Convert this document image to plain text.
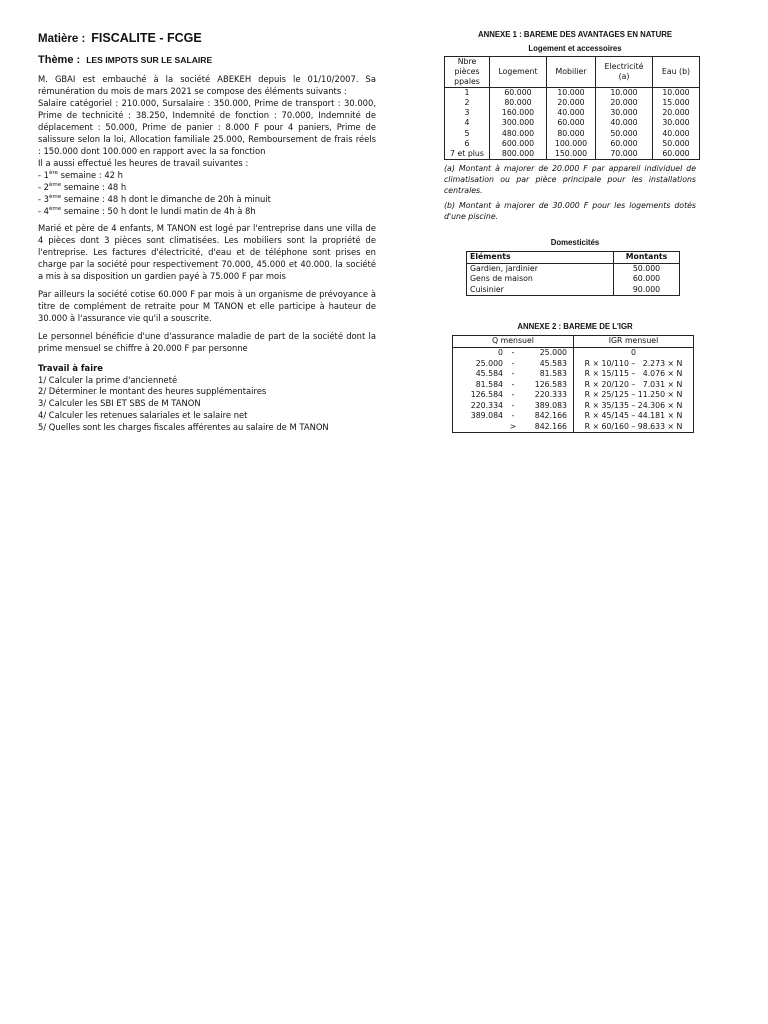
Matière : FISCALITE - FCGE
Thème : LES IMPOTS SUR LE SALAIRE

M. GBAI est embauché à la société ABEKEH depuis le 01/10/2007. Sa rémunération du mois de mars 2021 se compose des éléments suivants :

Salaire catégoriel : 210.000, Sursalaire : 350.000, Prime de transport : 30.000, Prime de technicité : 38.250, Indemnité de fonction : 70.000, Indemnité de déplacement : 50.000, Prime de panier : 8.000 F pour 4 paniers, Prime de salissure selon la loi, Allocation familiale 25.000, Remboursement de frais réels : 150.000 dont 100.000 en rapport avec la sa fonction

Il a aussi effectué les heures de travail suivantes :

- 1ère semaine : 42 h
- 2ème semaine : 48 h
- 3ème semaine : 48 h dont le dimanche de 20h à minuit
- 4ème semaine : 50 h dont le lundi matin de 4h à 8h

Marié et père de 4 enfants, M TANON est logé par l'entreprise dans une villa de 4 pièces dont 3 pièces sont climatisées. Les mobiliers sont la propriété de l'entreprise. Les factures d'électricité, d'eau et de téléphone sont prises en charge par la société pour respectivement 70.000, 45.000 et 40.000. la société a mis à sa disposition un gardien payé à 75.000 F par mois

Par ailleurs la société cotise 60.000 F par mois à un organisme de prévoyance à titre de complément de retraite pour M TANON et elle participe à hauteur de 30.000 à l'assurance vie qu'il a souscrite.

Le personnel bénéficie d'une d'assurance maladie de part de la société dont la prime mensuel se chiffre à 20.000 F par personne

Travail à faire
1/ Calculer la prime d'ancienneté
2/ Déterminer le montant des heures supplémentaires
3/ Calculer les SBI ET SBS de M TANON
4/ Calculer les retenues salariales et le salaire net
5/ Quelles sont les charges fiscales afférentes au salaire de M TANON
ANNEXE 1 : BAREME DES AVANTAGES EN NATURE
Logement et accessoires
Nbre pièces ppales	Logement	Mobilier	Electricité (a)	Eau (b)
1	60.000	10.000	10.000	10.000
2	80.000	20.000	20.000	15.000
3	160.000	40.000	30.000	20.000
4	300.000	60.000	40.000	30.000
5	480.000	80.000	50.000	40.000
6	600.000	100.000	60.000	50.000
7 et plus	800.000	150.000	70.000	60.000
(a) Montant à majorer de 20.000 F par appareil individuel de climatisation ou par pièce principale pour les installations centrales.
(b) Montant à majorer de 30.000 F pour les logements dotés d'une piscine.
Domesticités
Eléments	Montants
Gardien, jardinier	50.000
Gens de maison	60.000
Cuisinier	90.000
ANNEXE 2 : BAREME DE L'IGR
Q mensuel	IGR mensuel

0 - 25.000	0

25.000 - 45.583	R × 10/110 –   2.273 × N

45.584 - 81.583	R × 15/115 –   4.076 × N

81.584 - 126.583	R × 20/120 –   7.031 × N

126.584 - 220.333	R × 25/125 – 11.250 × N

220.334 - 389.083	R × 35/135 – 24.306 × N

389.084 - 842.166	R × 45/145 – 44.181 × N

> 842.166	R × 60/160 – 98.633 × N
